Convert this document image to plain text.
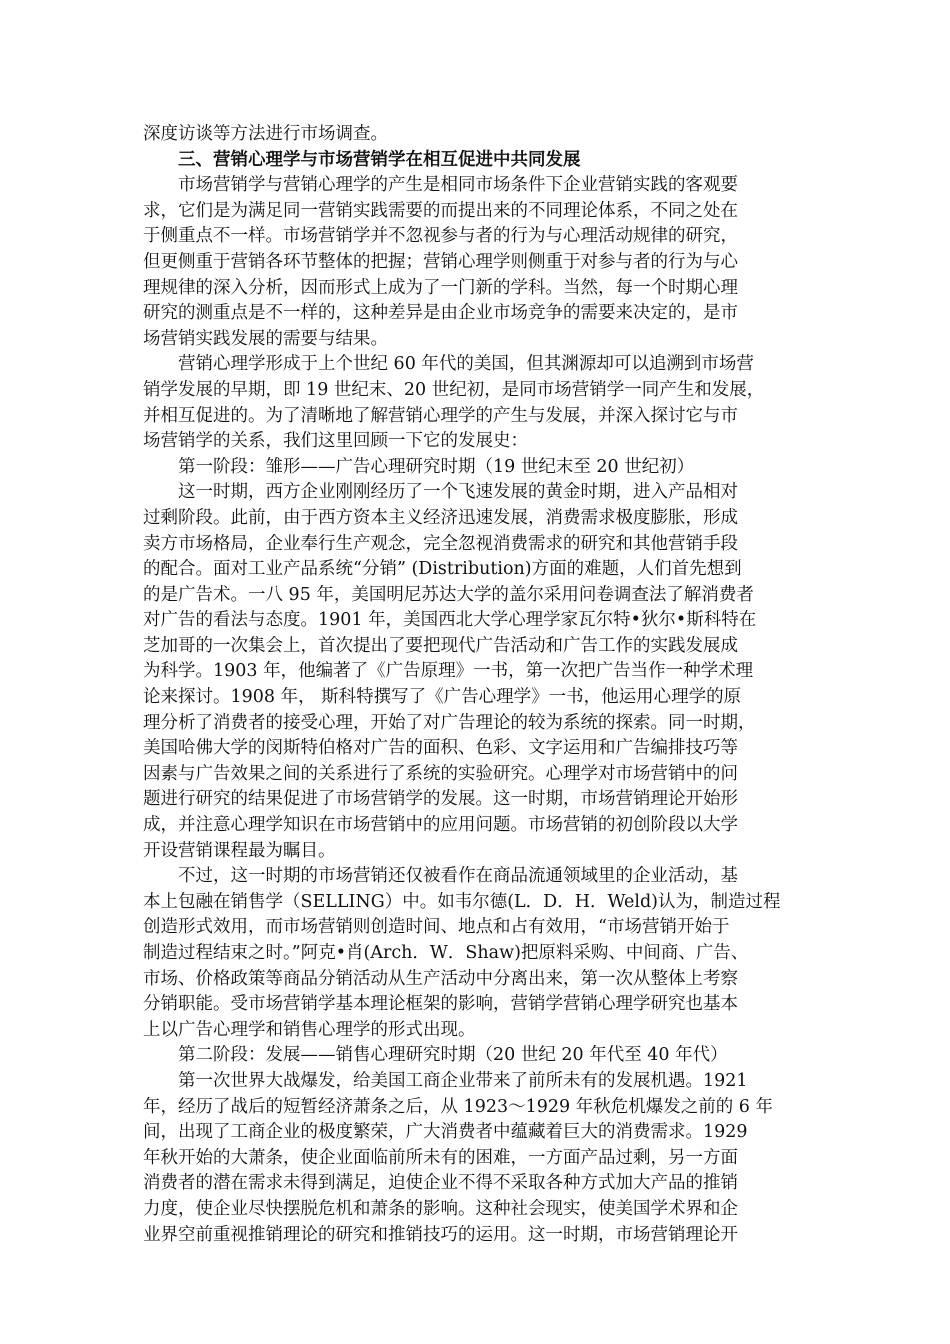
深度访谈等方法进行市场调查。
三、营销心理学与市场营销学在相互促进中共同发展
市场营销学与营销心理学的产生是相同市场条件下企业营销实践的客观要
求，它们是为满足同一营销实践需要的而提出来的不同理论体系，不同之处在
于侧重点不一样。市场营销学并不忽视参与者的行为与心理活动规律的研究，
但更侧重于营销各环节整体的把握；营销心理学则侧重于对参与者的行为与心
理规律的深入分析，因而形式上成为了一门新的学科。当然，每一个时期心理
研究的测重点是不一样的，这种差异是由企业市场竞争的需要来决定的，是市
场营销实践发展的需要与结果。
营销心理学形成于上个世纪 60 年代的美国，但其渊源却可以追溯到市场营
销学发展的早期，即 19 世纪末、20 世纪初，是同市场营销学一同产生和发展，
并相互促进的。为了清晰地了解营销心理学的产生与发展，并深入探讨它与市
场营销学的关系，我们这里回顾一下它的发展史：
第一阶段：雏形——广告心理研究时期（19 世纪末至 20 世纪初）
这一时期，西方企业刚刚经历了一个飞速发展的黄金时期，进入产品相对
过剩阶段。此前，由于西方资本主义经济迅速发展，消费需求极度膨胀，形成
卖方市场格局，企业奉行生产观念，完全忽视消费需求的研究和其他营销手段
的配合。面对工业产品系统“分销” (Distribution)方面的难题，人们首先想到
的是广告术。一八 95 年，美国明尼苏达大学的盖尔采用问卷调查法了解消费者
对广告的看法与态度。1901 年，美国西北大学心理学家瓦尔特•狄尔•斯科特在
芝加哥的一次集会上，首次提出了要把现代广告活动和广告工作的实践发展成
为科学。1903 年，他编著了《广告原理》一书，第一次把广告当作一种学术理
论来探讨。1908 年， 斯科特撰写了《广告心理学》一书，他运用心理学的原
理分析了消费者的接受心理，开始了对广告理论的较为系统的探索。同一时期，
美国哈佛大学的闵斯特伯格对广告的面积、色彩、文字运用和广告编排技巧等
因素与广告效果之间的关系进行了系统的实验研究。心理学对市场营销中的问
题进行研究的结果促进了市场营销学的发展。这一时期，市场营销理论开始形
成，并注意心理学知识在市场营销中的应用问题。市场营销的初创阶段以大学
开设营销课程最为瞩目。
不过，这一时期的市场营销还仅被看作在商品流通领域里的企业活动，基
本上包融在销售学（SELLING）中。如韦尔德(L．D．H．Weld)认为，制造过程
创造形式效用，而市场营销则创造时间、地点和占有效用，“市场营销开始于
制造过程结束之时。”阿克•肖(Arch．W．Shaw)把原料采购、中间商、广告、
市场、价格政策等商品分销活动从生产活动中分离出来，第一次从整体上考察
分销职能。受市场营销学基本理论框架的影响，营销学营销心理学研究也基本
上以广告心理学和销售心理学的形式出现。
第二阶段：发展——销售心理研究时期（20 世纪 20 年代至 40 年代）
第一次世界大战爆发，给美国工商企业带来了前所未有的发展机遇。1921
年，经历了战后的短暂经济萧条之后，从 1923～1929 年秋危机爆发之前的 6 年
间，出现了工商企业的极度繁荣，广大消费者中蕴藏着巨大的消费需求。1929
年秋开始的大萧条，使企业面临前所未有的困难，一方面产品过剩，另一方面
消费者的潜在需求未得到满足，迫使企业不得不采取各种方式加大产品的推销
力度，使企业尽快摆脱危机和萧条的影响。这种社会现实，使美国学术界和企
业界空前重视推销理论的研究和推销技巧的运用。这一时期，市场营销理论开
